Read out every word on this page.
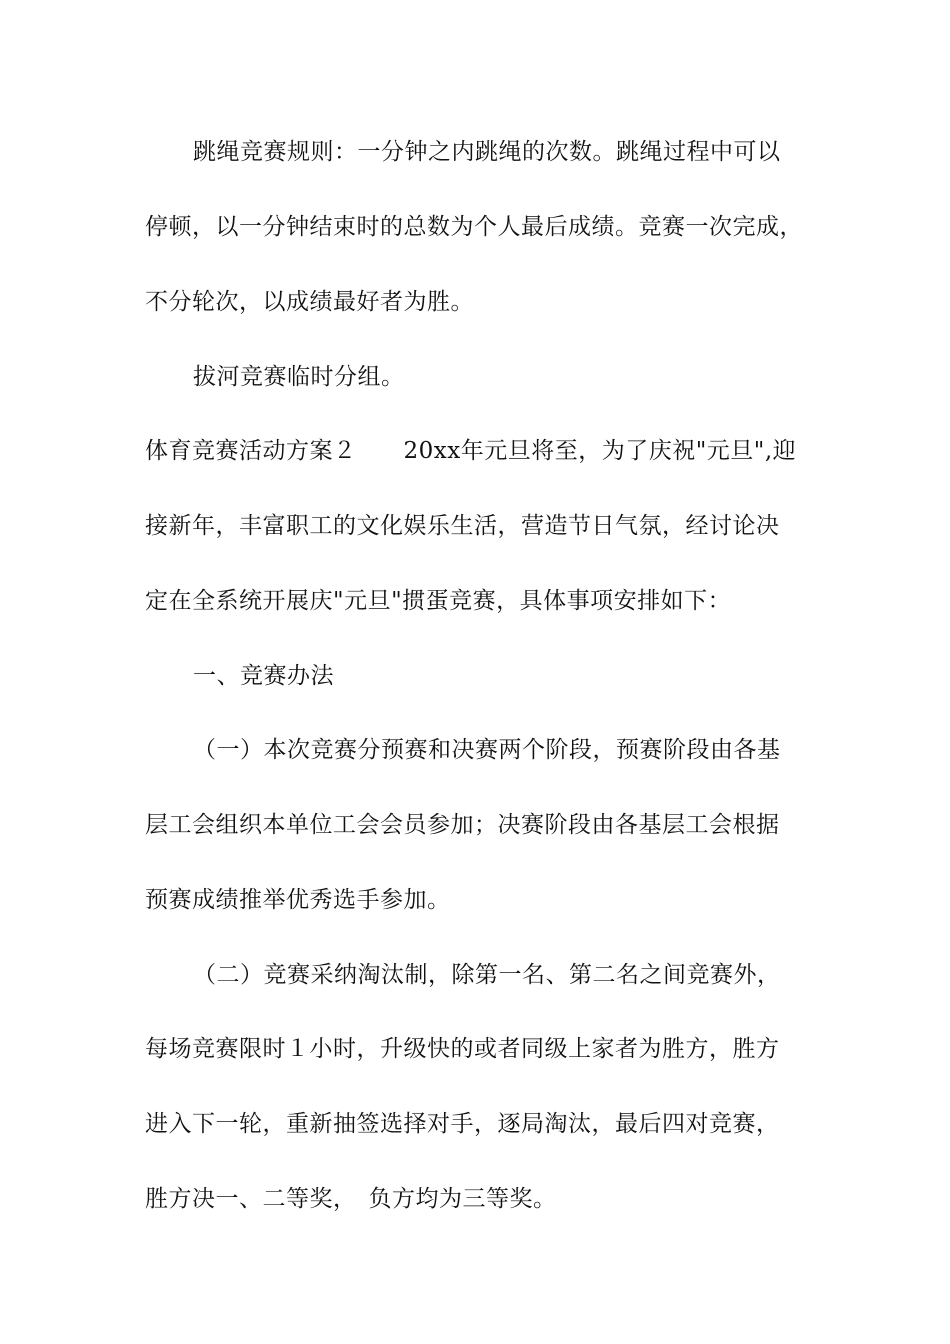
跳绳竞赛规则：一分钟之内跳绳的次数。跳绳过程中可以
停顿，以一分钟结束时的总数为个人最后成绩。竞赛一次完成，
不分轮次，以成绩最好者为胜。
拔河竞赛临时分组。
体育竞赛活动方案２　　20xx年元旦将至，为了庆祝"元旦",迎
接新年，丰富职工的文化娱乐生活，营造节日气氛，经讨论决
定在全系统开展庆"元旦"掼蛋竞赛，具体事项安排如下：
一、竞赛办法
（一）本次竞赛分预赛和决赛两个阶段，预赛阶段由各基
层工会组织本单位工会会员参加；决赛阶段由各基层工会根据
预赛成绩推举优秀选手参加。
（二）竞赛采纳淘汰制，除第一名、第二名之间竞赛外，
每场竞赛限时１小时，升级快的或者同级上家者为胜方，胜方
进入下一轮，重新抽签选择对手，逐局淘汰，最后四对竞赛，
胜方决一、二等奖，　负方均为三等奖。
